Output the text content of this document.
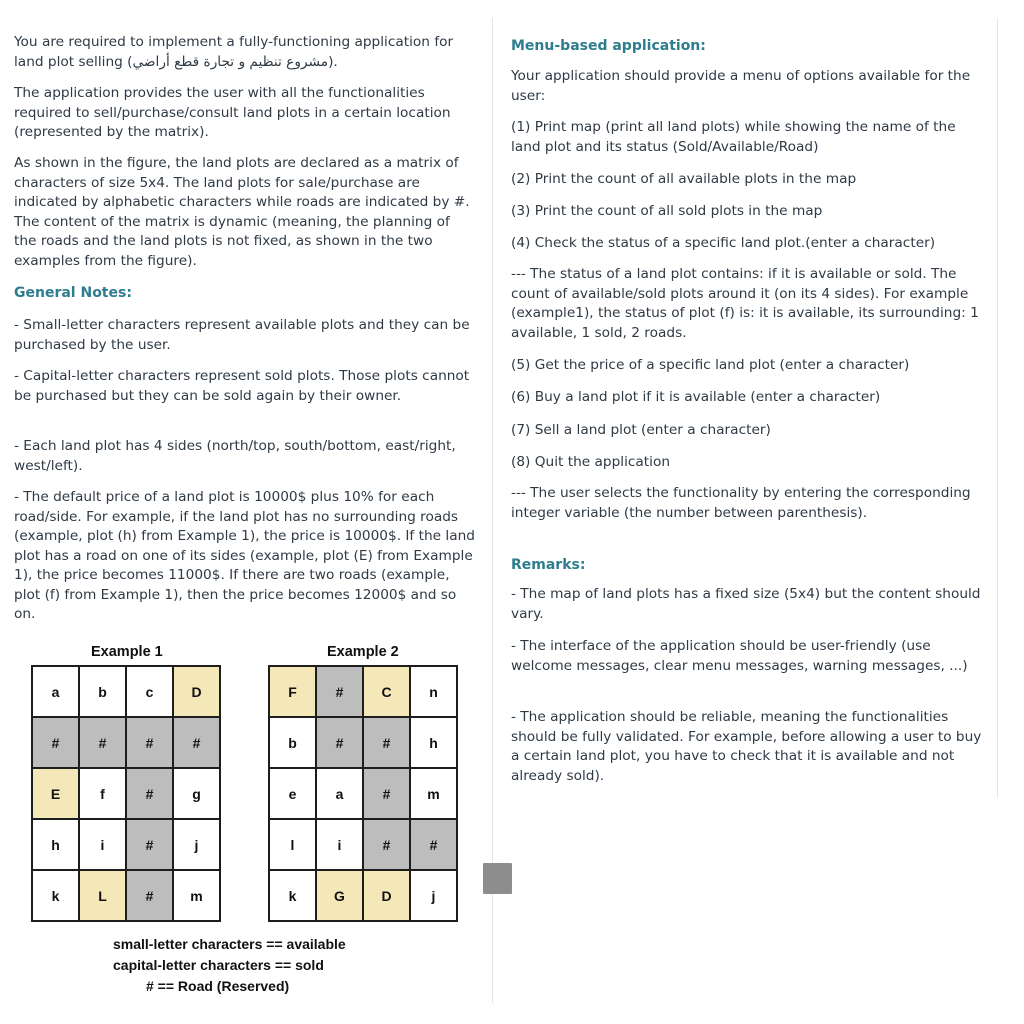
You are required to implement a fully-functioning application for land plot selling (مشروع تنظيم و تجارة قطع أراضي).

The application provides the user with all the functionalities required to sell/purchase/consult land plots in a certain location (represented by the matrix).

As shown in the figure, the land plots are declared as a matrix of characters of size 5x4. The land plots for sale/purchase are indicated by alphabetic characters while roads are indicated by #. The content of the matrix is dynamic (meaning, the planning of the roads and the land plots is not fixed, as shown in the two examples from the figure).

General Notes:

- Small-letter characters represent available plots and they can be purchased by the user.

- Capital-letter characters represent sold plots. Those plots cannot be purchased but they can be sold again by their owner.

- Each land plot has 4 sides (north/top, south/bottom, east/right, west/left).

- The default price of a land plot is 10000$ plus 10% for each road/side. For example, if the land plot has no surrounding roads (example, plot (h) from Example 1), the price is 10000$. If the land plot has a road on one of its sides (example, plot (E) from Example 1), the price becomes 11000$. If there are two roads (example, plot (f) from Example 1), then the price becomes 12000$ and so on.

Example 1	Example 2
a	b	c	D
#	#	#	#
E	f	#	g
h	i	#	j
k	L	#	m
F	#	C	n
b	#	#	h
e	a	#	m
l	i	#	#
k	G	D	j
small-letter characters == available
capital-letter characters == sold
# == Road (Reserved)
Menu-based application:

Your application should provide a menu of options available for the user:

(1) Print map (print all land plots) while showing the name of the land plot and its status (Sold/Available/Road)

(2) Print the count of all available plots in the map

(3) Print the count of all sold plots in the map

(4) Check the status of a specific land plot.(enter a character)

--- The status of a land plot contains: if it is available or sold. The count of available/sold plots around it (on its 4 sides). For example (example1), the status of plot (f) is: it is available, its surrounding: 1 available, 1 sold, 2 roads.

(5) Get the price of a specific land plot (enter a character)

(6) Buy a land plot if it is available (enter a character)

(7) Sell a land plot (enter a character)

(8) Quit the application

--- The user selects the functionality by entering the corresponding integer variable (the number between parenthesis).

Remarks:

- The map of land plots has a fixed size (5x4) but the content should vary.

- The interface of the application should be user-friendly (use welcome messages, clear menu messages, warning messages, ...)

- The application should be reliable, meaning the functionalities should be fully validated. For example, before allowing a user to buy a certain land plot, you have to check that it is available and not already sold).
